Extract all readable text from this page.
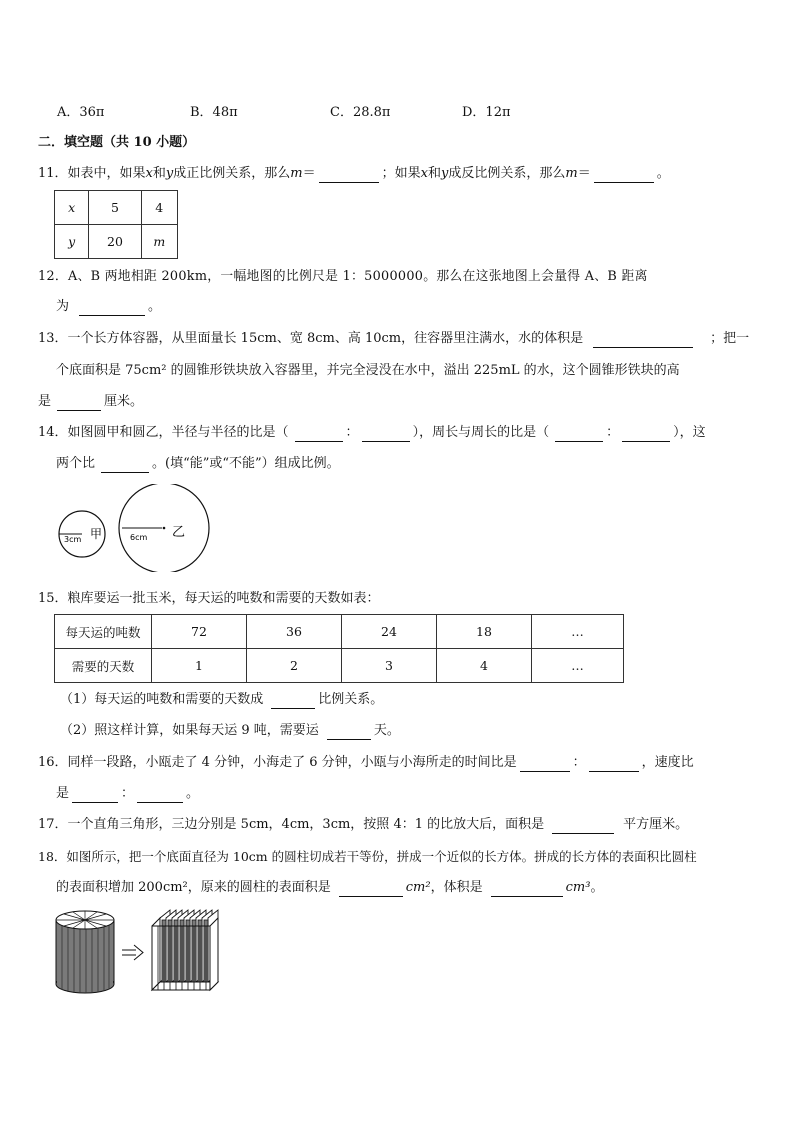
A．36π	B．48π	C．28.8π	D．12π
二．填空题（共 10 小题）
11．如表中，如果x和y成正比例关系，那么m＝	；如果x和y成反比例关系，那么m＝	。
x	5	4
y	20	m
12．A、B 两地相距 200km，一幅地图的比例尺是 1：5000000。那么在这张地图上会量得 A、B 距离
为	。
13．一个长方体容器，从里面量长 15cm、宽 8cm、高 10cm，往容器里注满水，水的体积是	；把一
个底面积是 75cm² 的圆锥形铁块放入容器里，并完全浸没在水中，溢出 225mL 的水，这个圆锥形铁块的高
是	厘米。
14．如图圆甲和圆乙，半径与半径的比是（	：	），周长与周长的比是（	：	），这
两个比	。(填“能”或“不能”）组成比例。
3cm 甲	6cm 乙
15．粮库要运一批玉米，每天运的吨数和需要的天数如表：
每天运的吨数	72	36	24	18	…
需要的天数	1	2	3	4	…
（1）每天运的吨数和需要的天数成	比例关系。
（2）照这样计算，如果每天运 9 吨，需要运	天。
16．同样一段路，小瓯走了 4 分钟，小海走了 6 分钟，小瓯与小海所走的时间比是	：	，速度比
是	：	。
17．一个直角三角形，三边分别是 5cm，4cm，3cm，按照 4：1 的比放大后，面积是	平方厘米。
18．如图所示，把一个底面直径为 10cm 的圆柱切成若干等份，拼成一个近似的长方体。拼成的长方体的表面积比圆柱
的表面积增加 200cm²，原来的圆柱的表面积是	cm²，体积是	cm³。
